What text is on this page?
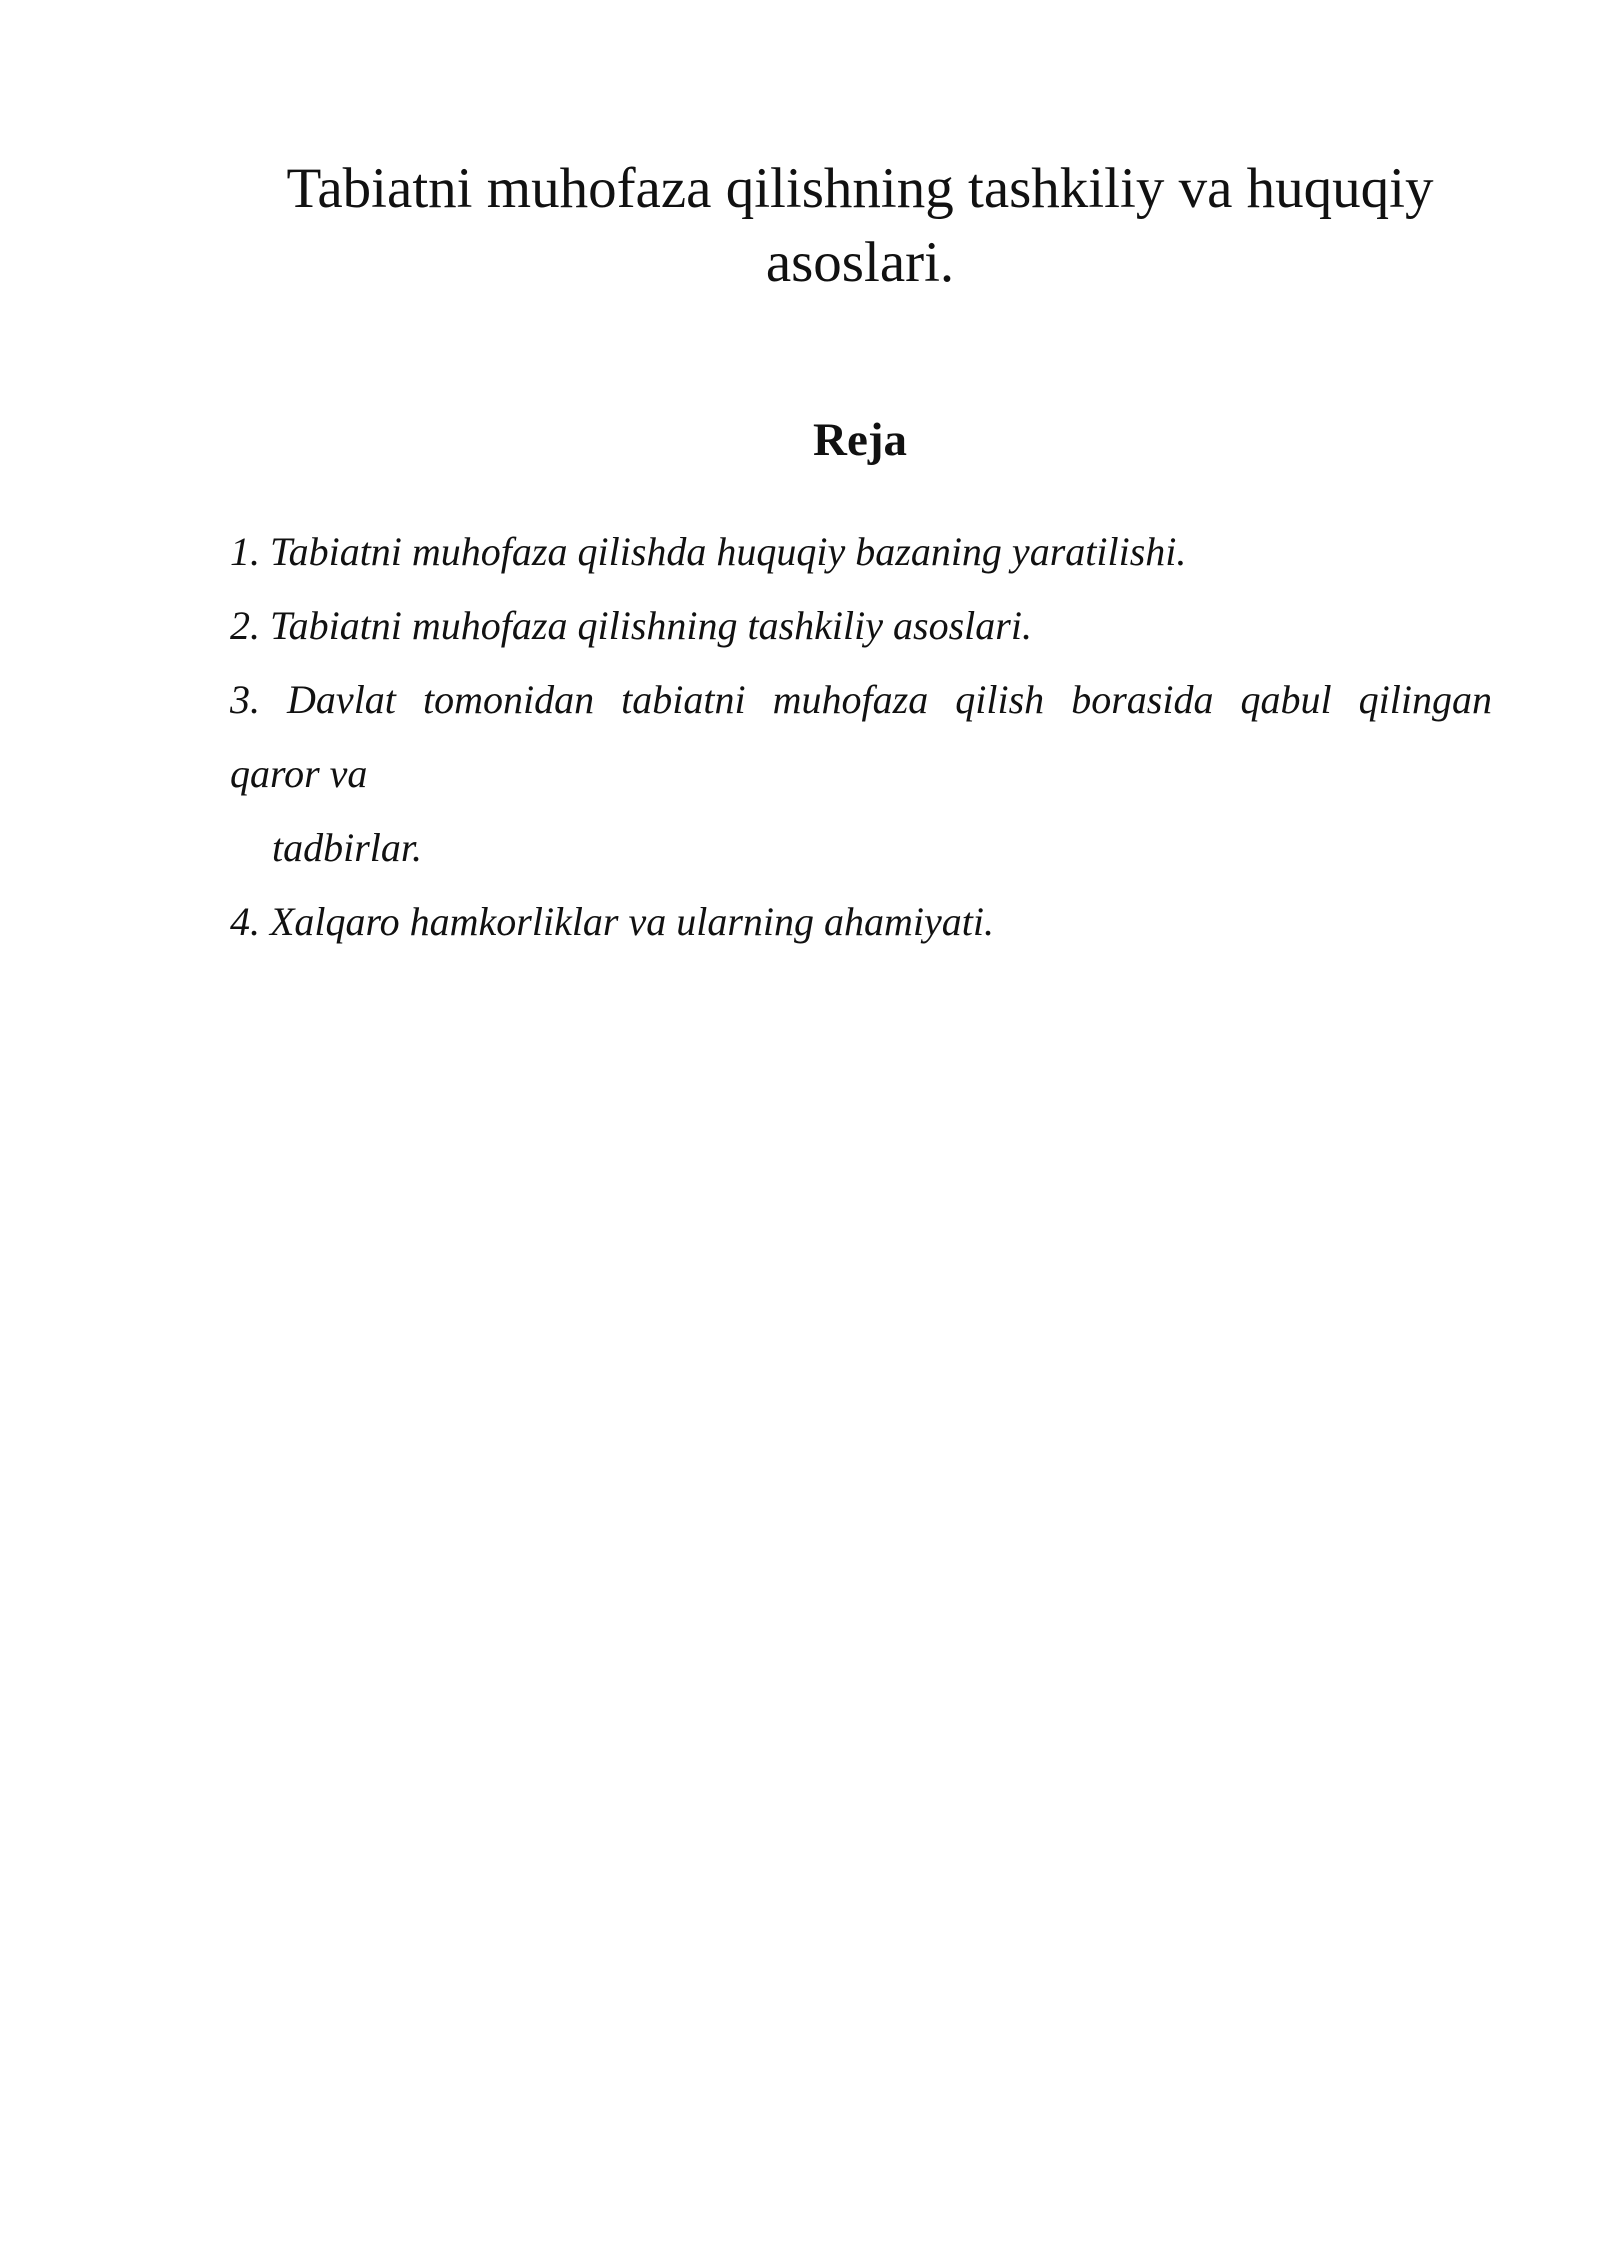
Tabiatni muhofaza qilishning tashkiliy va huquqiy
asoslari.
Reja
1. Tabiatni muhofaza qilishda huquqiy bazaning yaratilishi.
2. Tabiatni muhofaza qilishning tashkiliy asoslari.
3. Davlat tomonidan tabiatni muhofaza qilish borasida qabul qilingan
qaror va
tadbirlar.
4. Xalqaro hamkorliklar va ularning ahamiyati.
